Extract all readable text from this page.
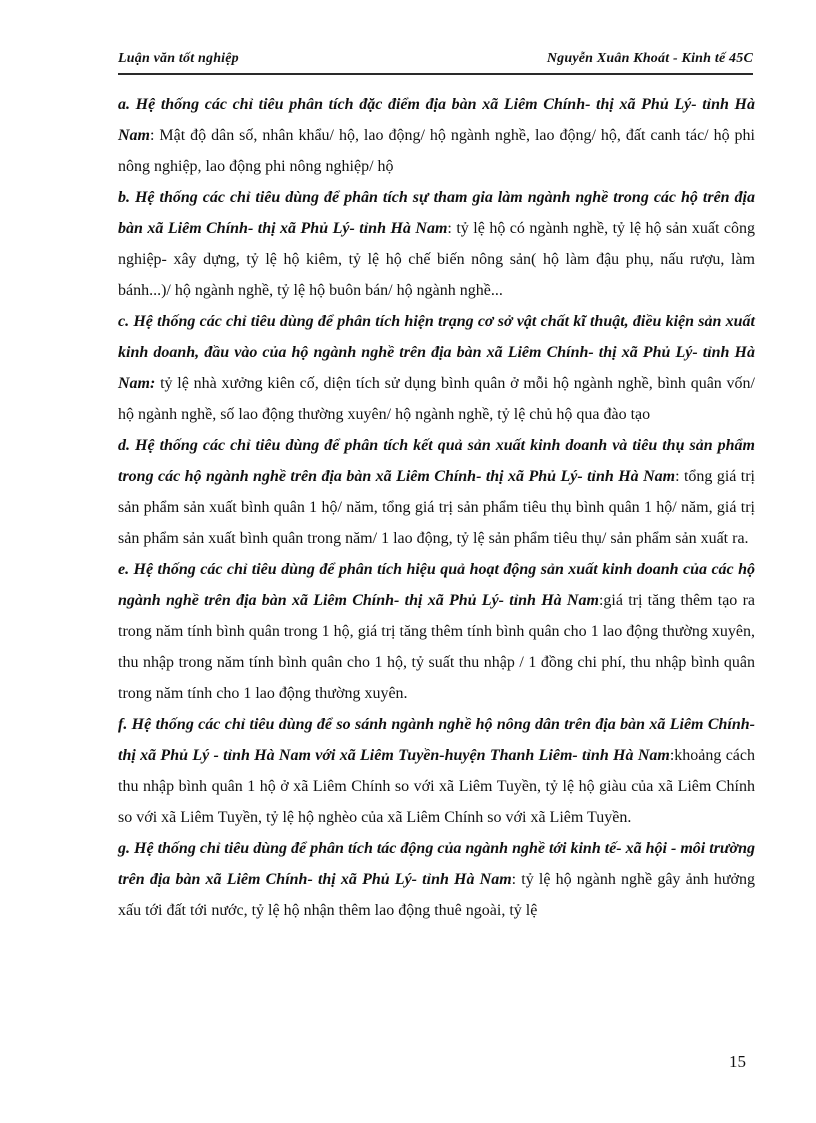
Luận văn tốt nghiệp	Nguyễn Xuân Khoát - Kinh tế 45C

a. Hệ thống các chỉ tiêu phân tích đặc điểm địa bàn xã Liêm Chính- thị xã Phủ Lý- tỉnh Hà Nam: Mật độ dân số, nhân khẩu/ hộ, lao động/ hộ ngành nghề, lao động/ hộ, đất canh tác/ hộ phi nông nghiệp, lao động phi nông nghiệp/ hộ

b. Hệ thống các chỉ tiêu dùng để phân tích sự tham gia làm ngành nghề trong các hộ trên địa bàn xã Liêm Chính- thị xã Phủ Lý- tỉnh Hà Nam: tỷ lệ hộ có ngành nghề, tỷ lệ hộ sản xuất công nghiệp- xây dựng, tỷ lệ hộ kiêm, tỷ lệ hộ chế biến nông sản( hộ làm đậu phụ, nấu rượu, làm bánh...)/ hộ ngành nghề, tỷ lệ hộ buôn bán/ hộ ngành nghề...

c. Hệ thống các chỉ tiêu dùng để phân tích hiện trạng cơ sở vật chất kĩ thuật, điều kiện sản xuất kinh doanh, đầu vào của hộ ngành nghề trên địa bàn xã Liêm Chính- thị xã Phủ Lý- tỉnh Hà Nam: tỷ lệ nhà xưởng kiên cố, diện tích sử dụng bình quân ở mỗi hộ ngành nghề, bình quân vốn/ hộ ngành nghề, số lao động thường xuyên/ hộ ngành nghề, tỷ lệ chủ hộ qua đào tạo

d. Hệ thống các chỉ tiêu dùng để phân tích kết quả sản xuất kinh doanh và tiêu thụ sản phẩm trong các hộ ngành nghề trên địa bàn xã Liêm Chính- thị xã Phủ Lý- tỉnh Hà Nam: tổng giá trị sản phẩm sản xuất bình quân 1 hộ/ năm, tổng giá trị sản phẩm tiêu thụ bình quân 1 hộ/ năm, giá trị sản phẩm sản xuất bình quân trong năm/ 1 lao động, tỷ lệ sản phẩm tiêu thụ/ sản phẩm sản xuất ra.

e. Hệ thống các chỉ tiêu dùng để phân tích hiệu quả hoạt động sản xuất kinh doanh của các hộ ngành nghề trên địa bàn xã Liêm Chính- thị xã Phủ Lý- tỉnh Hà Nam:giá trị tăng thêm tạo ra trong năm tính bình quân trong 1 hộ, giá trị tăng thêm tính bình quân cho 1 lao động thường xuyên, thu nhập trong năm tính bình quân cho 1 hộ, tỷ suất thu nhập / 1 đồng chi phí, thu nhập bình quân trong năm tính cho 1 lao động thường xuyên.

f. Hệ thống các chỉ tiêu dùng để so sánh ngành nghề hộ nông dân trên địa bàn xã Liêm Chính- thị xã Phủ Lý - tỉnh Hà Nam với xã Liêm Tuyền-huyện Thanh Liêm- tỉnh Hà Nam:khoảng cách thu nhập bình quân 1 hộ ở xã Liêm Chính so với xã Liêm Tuyền, tỷ lệ hộ giàu của xã Liêm Chính so với xã Liêm Tuyền, tỷ lệ hộ nghèo của xã Liêm Chính so với xã Liêm Tuyền.

g. Hệ thống chỉ tiêu dùng để phân tích tác động của ngành nghề tới kinh tế- xã hội - môi trường trên địa bàn xã Liêm Chính- thị xã Phủ Lý- tỉnh Hà Nam: tỷ lệ hộ ngành nghề gây ảnh hưởng xấu tới đất tới nước, tỷ lệ hộ nhận thêm lao động thuê ngoài, tỷ lệ

15
